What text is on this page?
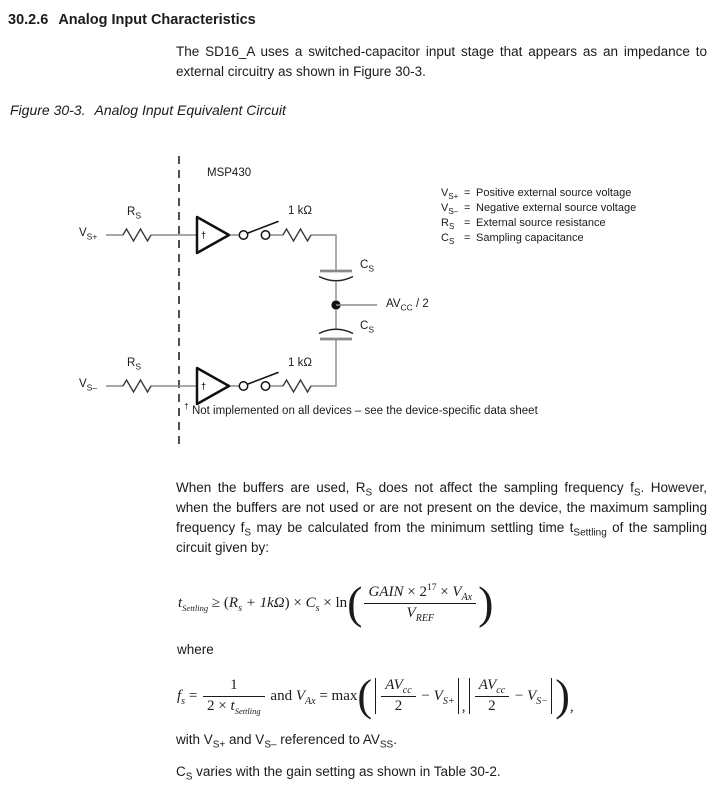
30.2.6 Analog Input Characteristics
The SD16_A uses a switched-capacitor input stage that appears as an impedance to external circuitry as shown in Figure 30-3.
Figure 30-3. Analog Input Equivalent Circuit
MSP430
$V_{S+}$
$V_{S-}$
$R_S$
$R_S$
1 kΩ
1 kΩ
$C_S$
$C_S$
$AV_{CC} / 2$
†
†
$V_{S+}$ = Positive external source voltage
$V_{S-}$ = Negative external source voltage
$R_S$ = External source resistance
$C_S$ = Sampling capacitance
† Not implemented on all devices – see the device-specific data sheet
When the buffers are used, $R_S$ does not affect the sampling frequency $f_S$. However, when the buffers are not used or are not present on the device, the maximum sampling frequency $f_S$ may be calculated from the minimum settling time $t_{Settling}$ of the sampling circuit given by:
t Settling ≥ ( R s + 1kΩ ) × C s × ln ( $\frac{GAIN \times 2^{17} \times V_{Ax}}{V_{REF}}$ )
where
f $s = \frac{1}{2 \times t_{Settling}}$ and V Ax = max ( $\frac{AV_{cc}}{2} - V$ S+ , $\frac{AV_{cc}}{2} - V$ S− ) ,
with $V_{S+}$ and $V_{S-}$ referenced to $AV_{SS}$.
$C_S$ varies with the gain setting as shown in Table 30-2.
